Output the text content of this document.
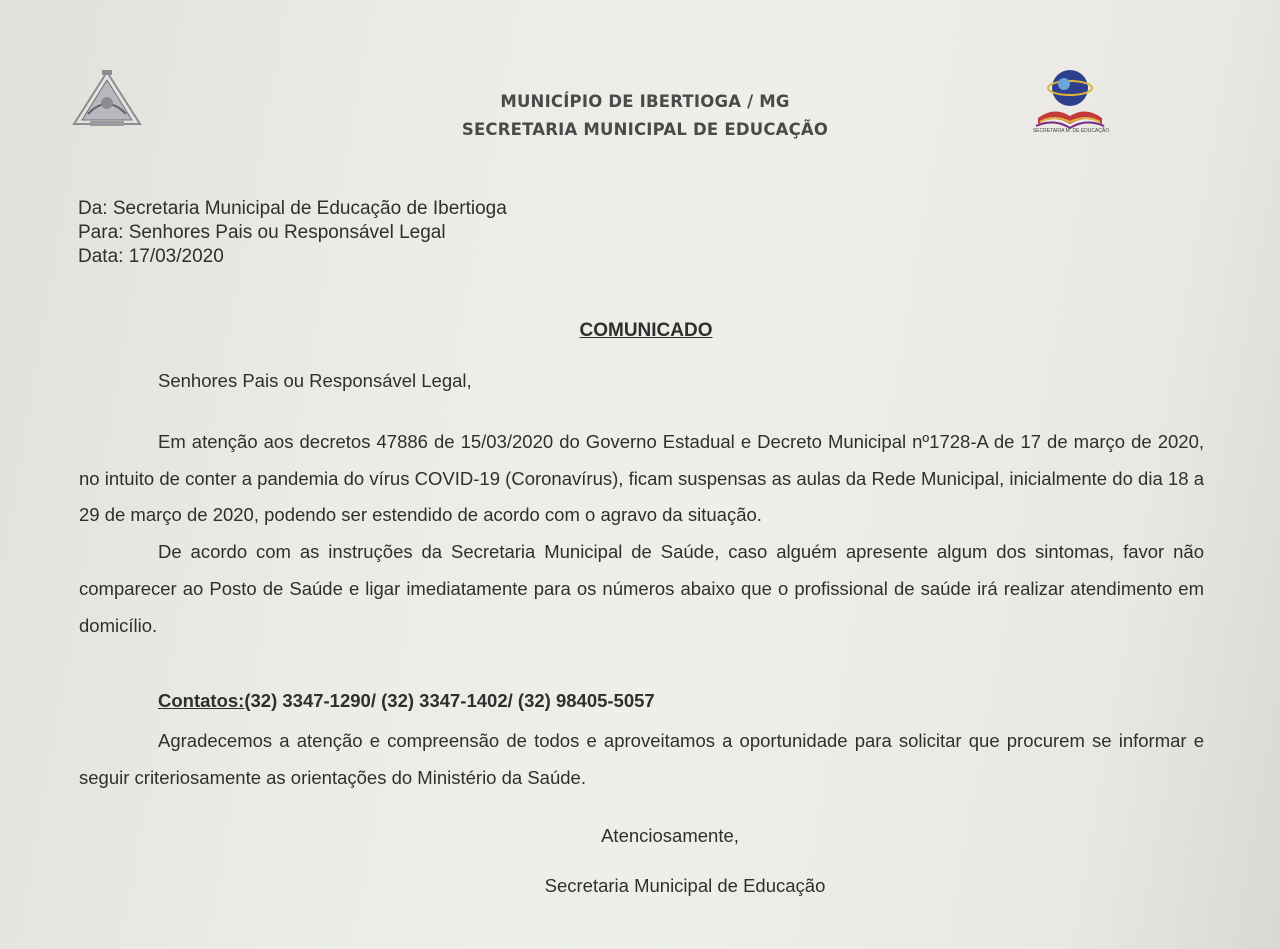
SECRETARIA M. DE EDUCAÇÃO
MUNICÍPIO DE IBERTIOGA / MG
SECRETARIA MUNICIPAL DE EDUCAÇÃO
Da: Secretaria Municipal de Educação de Ibertioga
Para: Senhores Pais ou Responsável Legal
Data: 17/03/2020
COMUNICADO
Senhores Pais ou Responsável Legal,

Em atenção aos decretos 47886 de 15/03/2020 do Governo Estadual e Decreto Municipal nº1728-A de 17 de março de 2020, no intuito de conter a pandemia do vírus COVID-19 (Coronavírus), ficam suspensas as aulas da Rede Municipal, inicialmente do dia 18 a 29 de março de 2020, podendo ser estendido de acordo com o agravo da situação.

De acordo com as instruções da Secretaria Municipal de Saúde, caso alguém apresente algum dos sintomas, favor não comparecer ao Posto de Saúde e ligar imediatamente para os números abaixo que o profissional de saúde irá realizar atendimento em domicílio.

Contatos:(32) 3347-1290/ (32) 3347-1402/ (32) 98405-5057

Agradecemos a atenção e compreensão de todos e aproveitamos a oportunidade para solicitar que procurem se informar e seguir criteriosamente as orientações do Ministério da Saúde.

Atenciosamente,
Secretaria Municipal de Educação
